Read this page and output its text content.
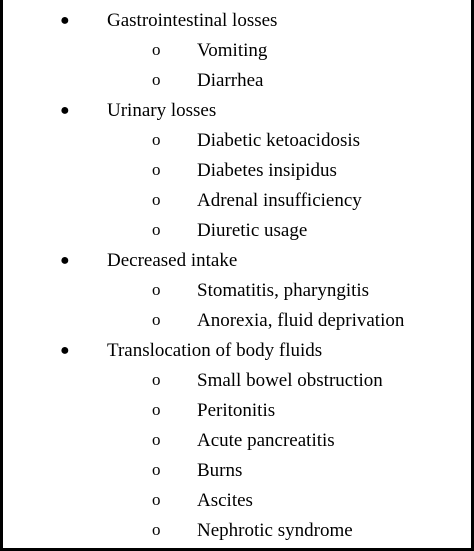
● Gastrointestinal losses
o Vomiting
o Diarrhea
● Urinary losses
o Diabetic ketoacidosis
o Diabetes insipidus
o Adrenal insufficiency
o Diuretic usage
● Decreased intake
o Stomatitis, pharyngitis
o Anorexia, fluid deprivation
● Translocation of body fluids
o Small bowel obstruction
o Peritonitis
o Acute pancreatitis
o Burns
o Ascites
o Nephrotic syndrome
